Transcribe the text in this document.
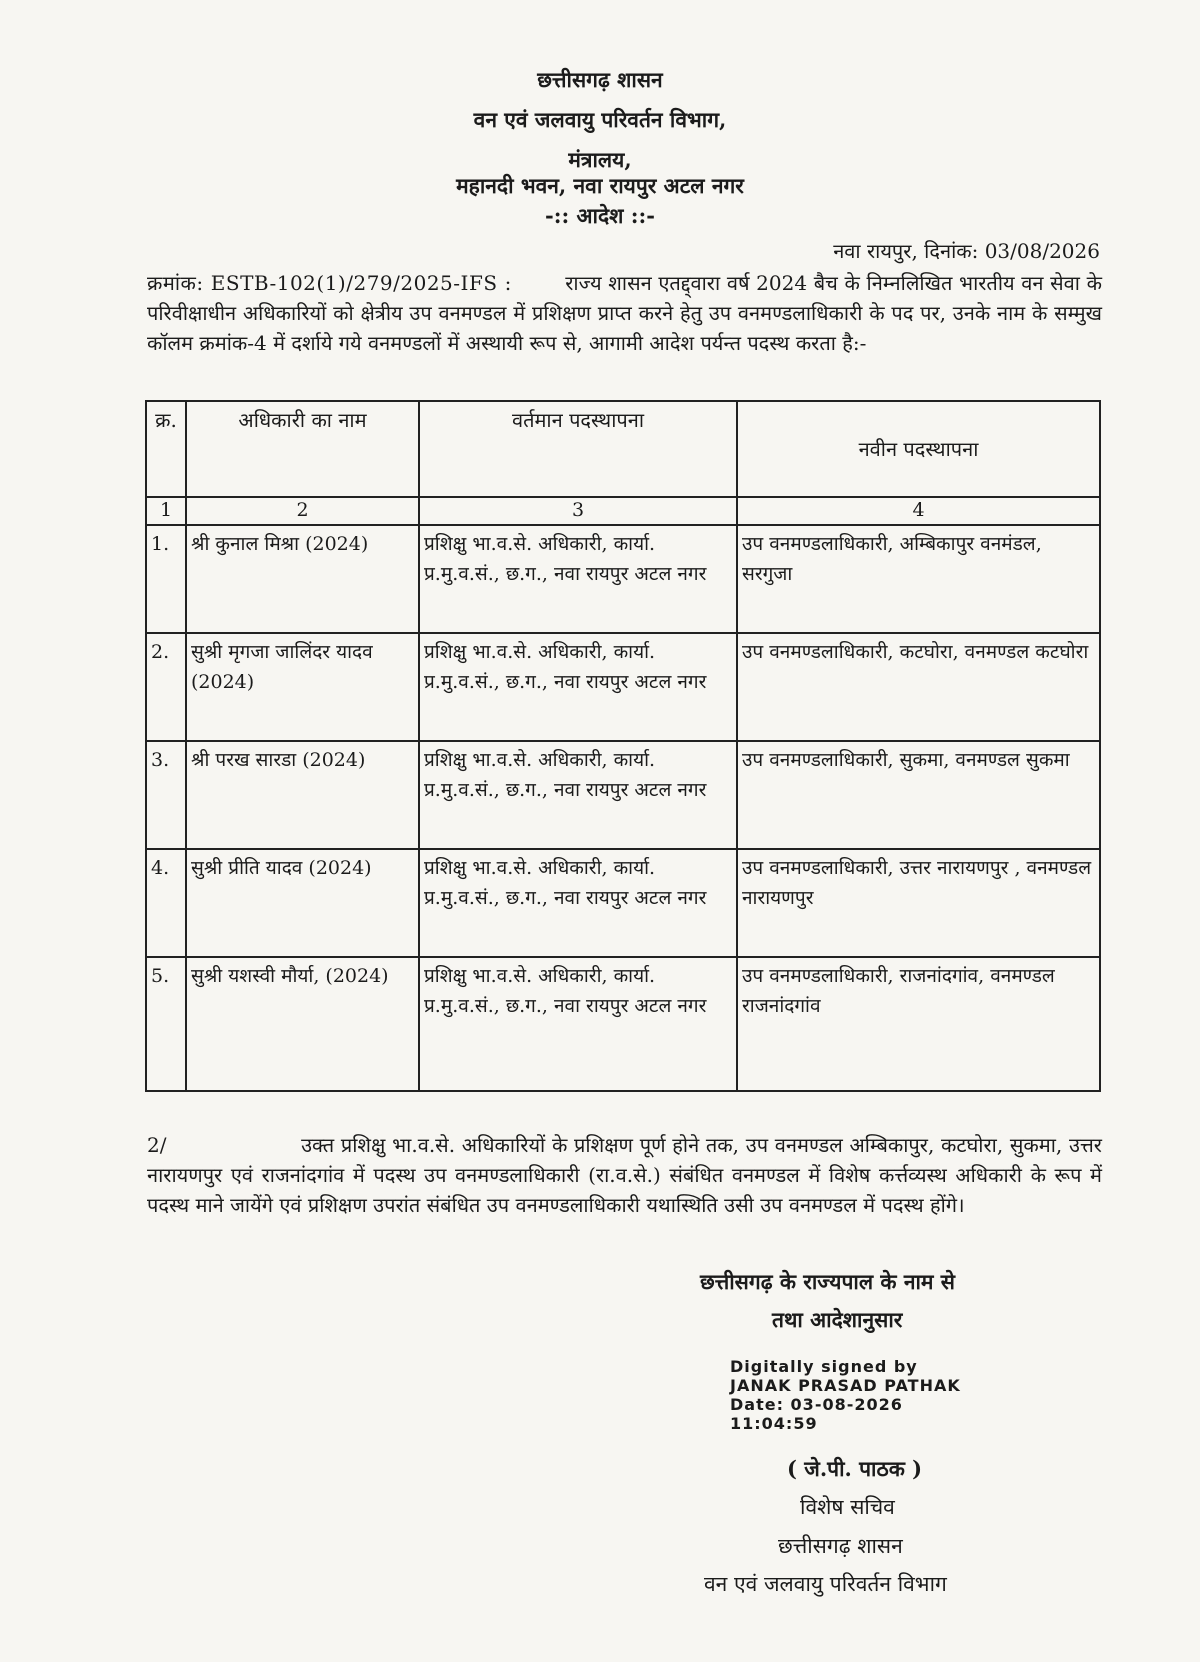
छत्तीसगढ़ शासन
वन एवं जलवायु परिवर्तन विभाग,
मंत्रालय,
महानदी भवन, नवा रायपुर अटल नगर
-:: आदेश ::-
नवा रायपुर, दिनांक: 03/08/2026
क्रमांक: ESTB-102(1)/279/2025-IFS :	राज्य शासन एतद्द्वारा वर्ष 2024 बैच के निम्नलिखित भारतीय वन सेवा के परिवीक्षाधीन अधिकारियों को क्षेत्रीय उप वनमण्डल में प्रशिक्षण प्राप्त करने हेतु उप वनमण्डलाधिकारी के पद पर, उनके नाम के सम्मुख कॉलम क्रमांक-4 में दर्शाये गये वनमण्डलों में अस्थायी रूप से, आगामी आदेश पर्यन्त पदस्थ करता है:-
क्र.	अधिकारी का नाम	वर्तमान पदस्थापना	नवीन पदस्थापना
1	2	3	4
1.	श्री कुनाल मिश्रा (2024)	प्रशिक्षु भा.व.से. अधिकारी, कार्या. प्र.मु.व.सं., छ.ग., नवा रायपुर अटल नगर	उप वनमण्डलाधिकारी, अम्बिकापुर वनमंडल, सरगुजा
2.	सुश्री मृगजा जालिंदर यादव (2024)	प्रशिक्षु भा.व.से. अधिकारी, कार्या. प्र.मु.व.सं., छ.ग., नवा रायपुर अटल नगर	उप वनमण्डलाधिकारी, कटघोरा, वनमण्डल कटघोरा
3.	श्री परख सारडा (2024)	प्रशिक्षु भा.व.से. अधिकारी, कार्या. प्र.मु.व.सं., छ.ग., नवा रायपुर अटल नगर	उप वनमण्डलाधिकारी, सुकमा, वनमण्डल सुकमा
4.	सुश्री प्रीति यादव (2024)	प्रशिक्षु भा.व.से. अधिकारी, कार्या. प्र.मु.व.सं., छ.ग., नवा रायपुर अटल नगर	उप वनमण्डलाधिकारी, उत्तर नारायणपुर , वनमण्डल नारायणपुर
5.	सुश्री यशस्वी मौर्या, (2024)	प्रशिक्षु भा.व.से. अधिकारी, कार्या. प्र.मु.व.सं., छ.ग., नवा रायपुर अटल नगर	उप वनमण्डलाधिकारी, राजनांदगांव, वनमण्डल राजनांदगांव
2/	उक्त प्रशिक्षु भा.व.से. अधिकारियों के प्रशिक्षण पूर्ण होने तक, उप वनमण्डल अम्बिकापुर, कटघोरा, सुकमा, उत्तर नारायणपुर एवं राजनांदगांव में पदस्थ उप वनमण्डलाधिकारी (रा.व.से.) संबंधित वनमण्डल में विशेष कर्त्तव्यस्थ अधिकारी के रूप में पदस्थ माने जायेंगे एवं प्रशिक्षण उपरांत संबंधित उप वनमण्डलाधिकारी यथास्थिति उसी उप वनमण्डल में पदस्थ होंगे।
छत्तीसगढ़ के राज्यपाल के नाम से
तथा आदेशानुसार
Digitally signed by
JANAK PRASAD PATHAK
Date: 03-08-2026
11:04:59
( जे.पी. पाठक )
विशेष सचिव
छत्तीसगढ़ शासन
वन एवं जलवायु परिवर्तन विभाग
